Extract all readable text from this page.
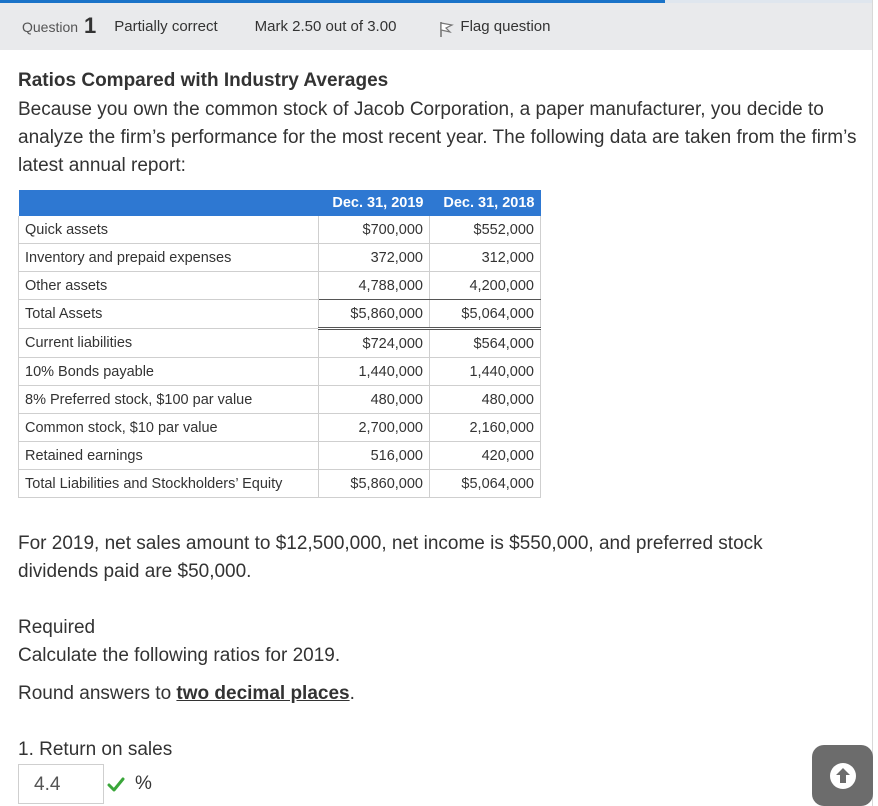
Question 1 Partially correct Mark 2.50 out of 3.00	Flag question
Ratios Compared with Industry Averages

Because you own the common stock of Jacob Corporation, a paper manufacturer, you decide to analyze the firm’s performance for the most recent year. The following data are taken from the firm’s latest annual report:

	Dec. 31, 2019	Dec. 31, 2018
Quick assets	$700,000	$552,000
Inventory and prepaid expenses	372,000	312,000
Other assets	4,788,000	4,200,000
Total Assets	$5,860,000	$5,064,000
Current liabilities	$724,000	$564,000
10% Bonds payable	1,440,000	1,440,000
8% Preferred stock, $100 par value	480,000	480,000
Common stock, $10 par value	2,700,000	2,160,000
Retained earnings	516,000	420,000
Total Liabilities and Stockholders’ Equity	$5,860,000	$5,064,000

For 2019, net sales amount to $12,500,000, net income is $550,000, and preferred stock dividends paid are $50,000.

Required

Calculate the following ratios for 2019.

Round answers to two decimal places.

1. Return on sales

4.4	%
